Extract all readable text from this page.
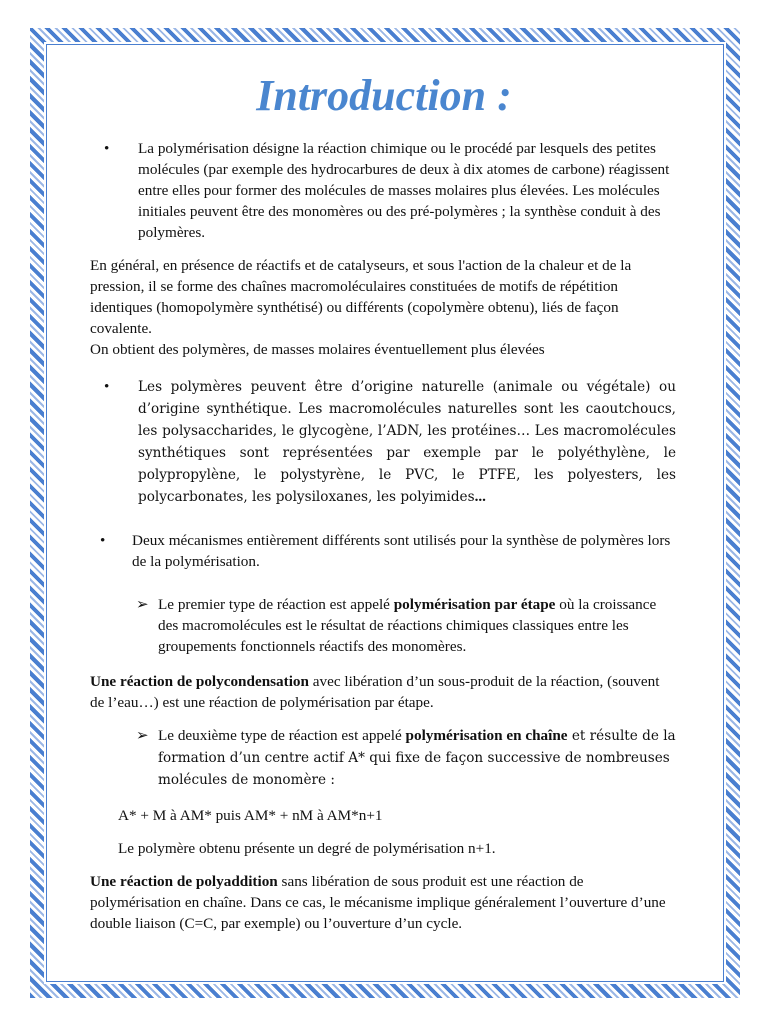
Introduction :

• La polymérisation désigne la réaction chimique ou le procédé par lesquels des petites molécules (par exemple des hydrocarbures de deux à dix atomes de carbone) réagissent entre elles pour former des molécules de masses molaires plus élevées. Les molécules initiales peuvent être des monomères ou des pré-polymères ; la synthèse conduit à des polymères.

En général, en présence de réactifs et de catalyseurs, et sous l'action de la chaleur et de la pression, il se forme des chaînes macromoléculaires constituées de motifs de répétition identiques (homopolymère synthétisé) ou différents (copolymère obtenu), liés de façon covalente.
On obtient des polymères, de masses molaires éventuellement plus élevées

• Les polymères peuvent être d’origine naturelle (animale ou végétale) ou d’origine synthétique. Les macromolécules naturelles sont les caoutchoucs, les polysaccharides, le glycogène, l’ADN, les protéines… Les macromolécules synthétiques sont représentées par exemple par le polyéthylène, le polypropylène, le polystyrène, le PVC, le PTFE, les polyesters, les polycarbonates, les polysiloxanes, les polyimides...

• Deux mécanismes entièrement différents sont utilisés pour la synthèse de polymères lors de la polymérisation.

➢ Le premier type de réaction est appelé polymérisation par étape où la croissance des macromolécules est le résultat de réactions chimiques classiques entre les groupements fonctionnels réactifs des monomères.

Une réaction de polycondensation avec libération d’un sous-produit de la réaction, (souvent de l’eau…) est une réaction de polymérisation par étape.

➢ Le deuxième type de réaction est appelé polymérisation en chaîne et résulte de la formation d’un centre actif A* qui fixe de façon successive de nombreuses molécules de monomère :

A* + M à AM* puis AM* + nM à AM*n+1

Le polymère obtenu présente un degré de polymérisation n+1.

Une réaction de polyaddition sans libération de sous produit est une réaction de polymérisation en chaîne. Dans ce cas, le mécanisme implique généralement l’ouverture d’une double liaison (C=C, par exemple) ou l’ouverture d’un cycle.
